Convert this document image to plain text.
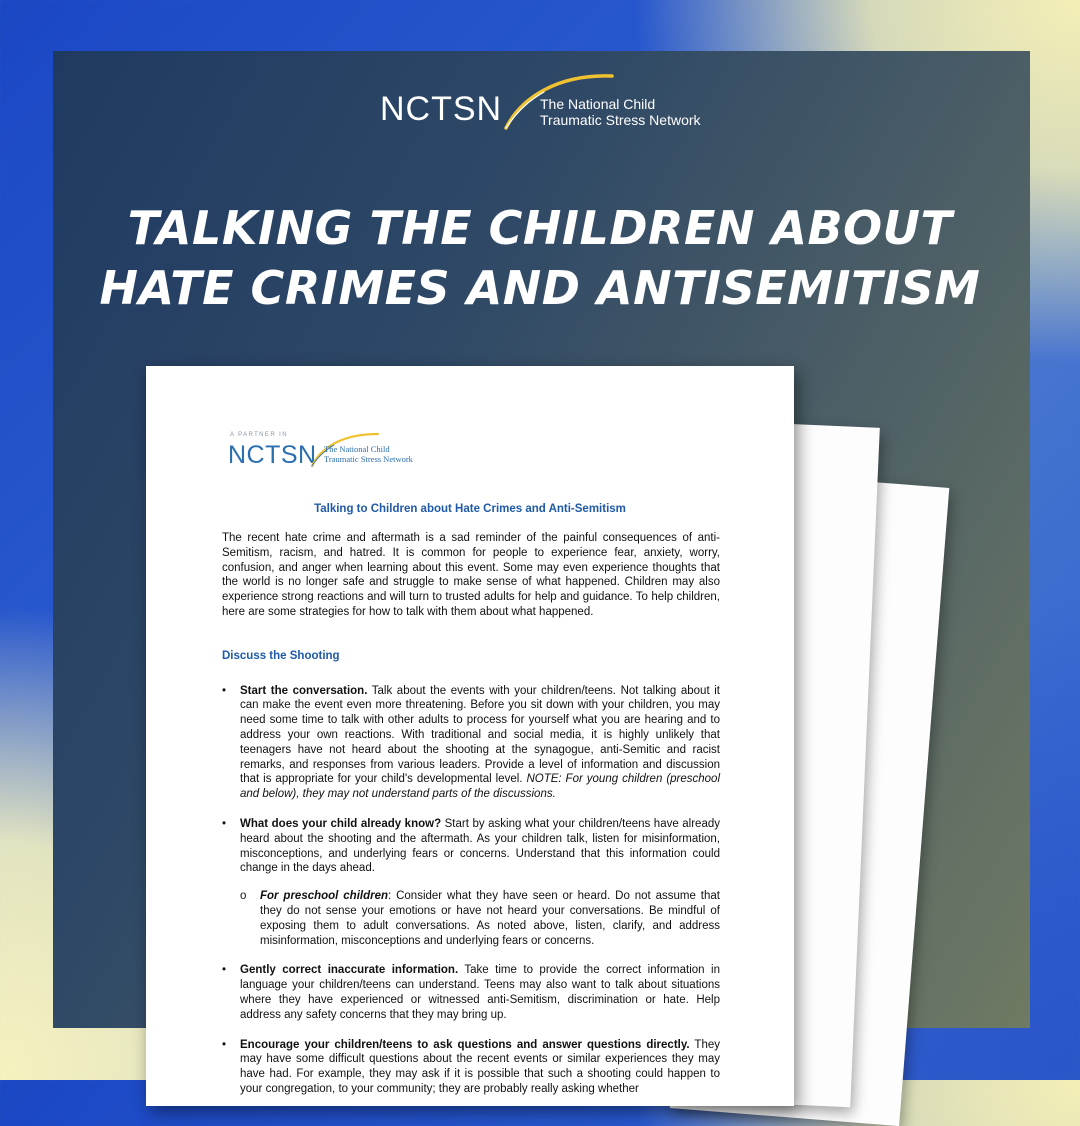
NCTSN	The National Child
Traumatic Stress Network
TALKING THE CHILDREN ABOUT
HATE CRIMES AND ANTISEMITISM
A PARTNER IN
NCTSN The National Child
Traumatic Stress Network
Talking to Children about Hate Crimes and Anti-Semitism

The recent hate crime and aftermath is a sad reminder of the painful consequences of anti-Semitism, racism, and hatred. It is common for people to experience fear, anxiety, worry, confusion, and anger when learning about this event. Some may even experience thoughts that the world is no longer safe and struggle to make sense of what happened. Children may also experience strong reactions and will turn to trusted adults for help and guidance. To help children, here are some strategies for how to talk with them about what happened.

Discuss the Shooting
• Start the conversation. Talk about the events with your children/teens. Not talking about it can make the event even more threatening. Before you sit down with your children, you may need some time to talk with other adults to process for yourself what you are hearing and to address your own reactions. With traditional and social media, it is highly unlikely that teenagers have not heard about the shooting at the synagogue, anti-Semitic and racist remarks, and responses from various leaders. Provide a level of information and discussion that is appropriate for your child's developmental level. NOTE: For young children (preschool and below), they may not understand parts of the discussions.
• What does your child already know? Start by asking what your children/teens have already heard about the shooting and the aftermath. As your children talk, listen for misinformation, misconceptions, and underlying fears or concerns. Understand that this information could change in the days ahead.
o For preschool children: Consider what they have seen or heard. Do not assume that they do not sense your emotions or have not heard your conversations. Be mindful of exposing them to adult conversations. As noted above, listen, clarify, and address misinformation, misconceptions and underlying fears or concerns.
• Gently correct inaccurate information. Take time to provide the correct information in language your children/teens can understand. Teens may also want to talk about situations where they have experienced or witnessed anti-Semitism, discrimination or hate. Help address any safety concerns that they may bring up.
• Encourage your children/teens to ask questions and answer questions directly. They may have some difficult questions about the recent events or similar experiences they may have had. For example, they may ask if it is possible that such a shooting could happen to your congregation, to your community; they are probably really asking whether
